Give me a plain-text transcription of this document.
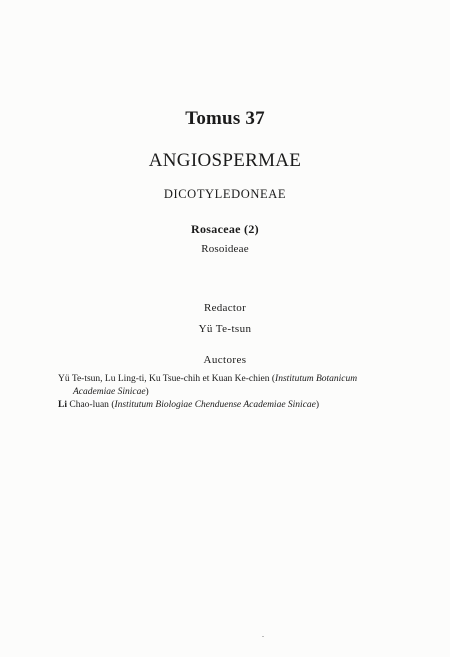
Tomus 37
ANGIOSPERMAE
DICOTYLEDONEAE
Rosaceae (2)
Rosoideae
Redactor
Yü Te-tsun
Auctores
Yü Te-tsun, Lu Ling-ti, Ku Tsue-chih et Kuan Ke-chien (Institutum Botanicum
Academiae Sinicae)
Li Chao-luan (Institutum Biologiae Chenduense Academiae Sinicae)
